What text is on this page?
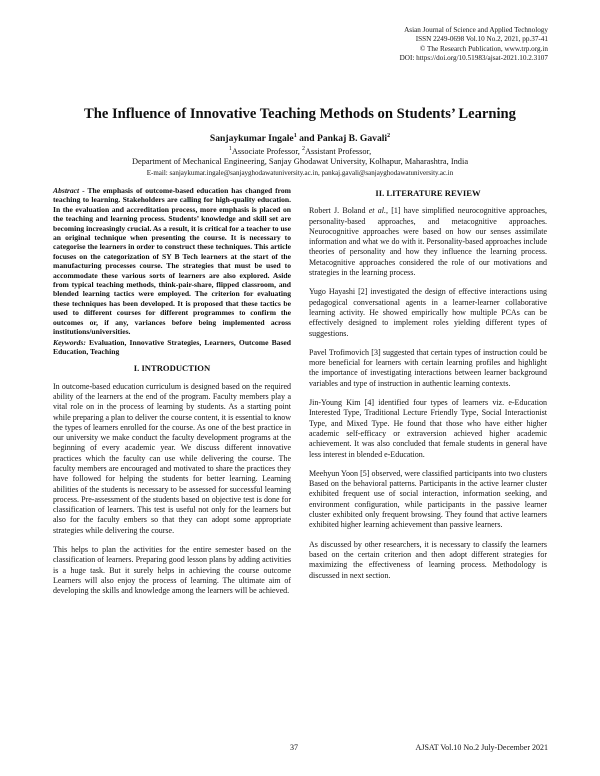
Asian Journal of Science and Applied Technology
ISSN 2249-0698 Vol.10 No.2, 2021, pp.37-41
© The Research Publication, www.trp.org.in
DOI: https://doi.org/10.51983/ajsat-2021.10.2.3107
The Influence of Innovative Teaching Methods on Students’ Learning
Sanjaykumar Ingale$^1$ and Pankaj B. Gavali$^2$
$^1$Associate Professor, $^2$Assistant Professor,
Department of Mechanical Engineering, Sanjay Ghodawat University, Kolhapur, Maharashtra, India
E-mail: sanjaykumar.ingale@sanjayghodawatuniversity.ac.in, pankaj.gavali@sanjayghodawatuniversity.ac.in

Abstract - The emphasis of outcome-based education has changed from teaching to learning. Stakeholders are calling for high-quality education. In the evaluation and accreditation process, more emphasis is placed on the teaching and learning process. Students’ knowledge and skill set are becoming increasingly crucial. As a result, it is critical for a teacher to use an original technique when presenting the course. It is necessary to categorise the learners in order to construct these techniques. This article focuses on the categorization of SY B Tech learners at the start of the manufacturing processes course. The strategies that must be used to accommodate these various sorts of learners are also explored. Aside from typical teaching methods, think-pair-share, flipped classroom, and blended learning tactics were employed. The criterion for evaluating these techniques has been developed. It is proposed that these tactics be used to different courses for different programmes to confirm the outcomes or, if any, variances before being implemented across institutions/universities.

Keywords: Evaluation, Innovative Strategies, Learners, Outcome Based Education, Teaching

I. INTRODUCTION

In outcome-based education curriculum is designed based on the required ability of the learners at the end of the program. Faculty members play a vital role on in the process of learning by students. As a starting point while preparing a plan to deliver the course content, it is essential to know the types of learners enrolled for the course. As one of the best practice in our university we make conduct the faculty development programs at the beginning of every academic year. We discuss different innovative practices which the faculty can use while delivering the course. The faculty members are encouraged and motivated to share the practices they have followed for helping the students for better learning. Learning abilities of the students is necessary to be assessed for successful learning process. Pre-assessment of the students based on objective test is done for classification of learners. This test is useful not only for the learners but also for the faculty embers so that they can adopt some appropriate strategies while delivering the course.

This helps to plan the activities for the entire semester based on the classification of learners. Preparing good lesson plans by adding activities is a huge task. But it surely helps in achieving the course outcome Learners will also enjoy the process of learning. The ultimate aim of developing the skills and knowledge among the learners will be achieved.

II. LITERATURE REVIEW

Robert J. Boland et al., [1] have simplified neurocognitive approaches, personality-based approaches, and metacognitive approaches. Neurocognitive approaches were based on how our senses assimilate information and what we do with it. Personality-based approaches include theories of personality and how they influence the learning process. Metacognitive approaches considered the role of our motivations and strategies in the learning process.

Yugo Hayashi [2] investigated the design of effective interactions using pedagogical conversational agents in a learner-learner collaborative learning activity. He showed empirically how multiple PCAs can be effectively designed to implement roles yielding different types of suggestions.

Pavel Trofimovich [3] suggested that certain types of instruction could be more beneficial for learners with certain learning profiles and highlight the importance of investigating interactions between learner background variables and type of instruction in authentic learning contexts.

Jin-Young Kim [4] identified four types of learners viz. e-Education Interested Type, Traditional Lecture Friendly Type, Social Interactionist Type, and Mixed Type. He found that those who have either higher academic self-efficacy or extraversion achieved higher academic achievement. It was also concluded that female students in general have less interest in blended e-Education.

Meehyun Yoon [5] observed, were classified participants into two clusters Based on the behavioral patterns. Participants in the active learner cluster exhibited frequent use of social interaction, information seeking, and environment configuration, while participants in the passive learner cluster exhibited only frequent browsing. They found that active learners exhibited higher learning achievement than passive learners.

As discussed by other researchers, it is necessary to classify the learners based on the certain criterion and then adopt different strategies for maximizing the effectiveness of learning process. Methodology is discussed in next section.

37	AJSAT Vol.10 No.2 July-December 2021
